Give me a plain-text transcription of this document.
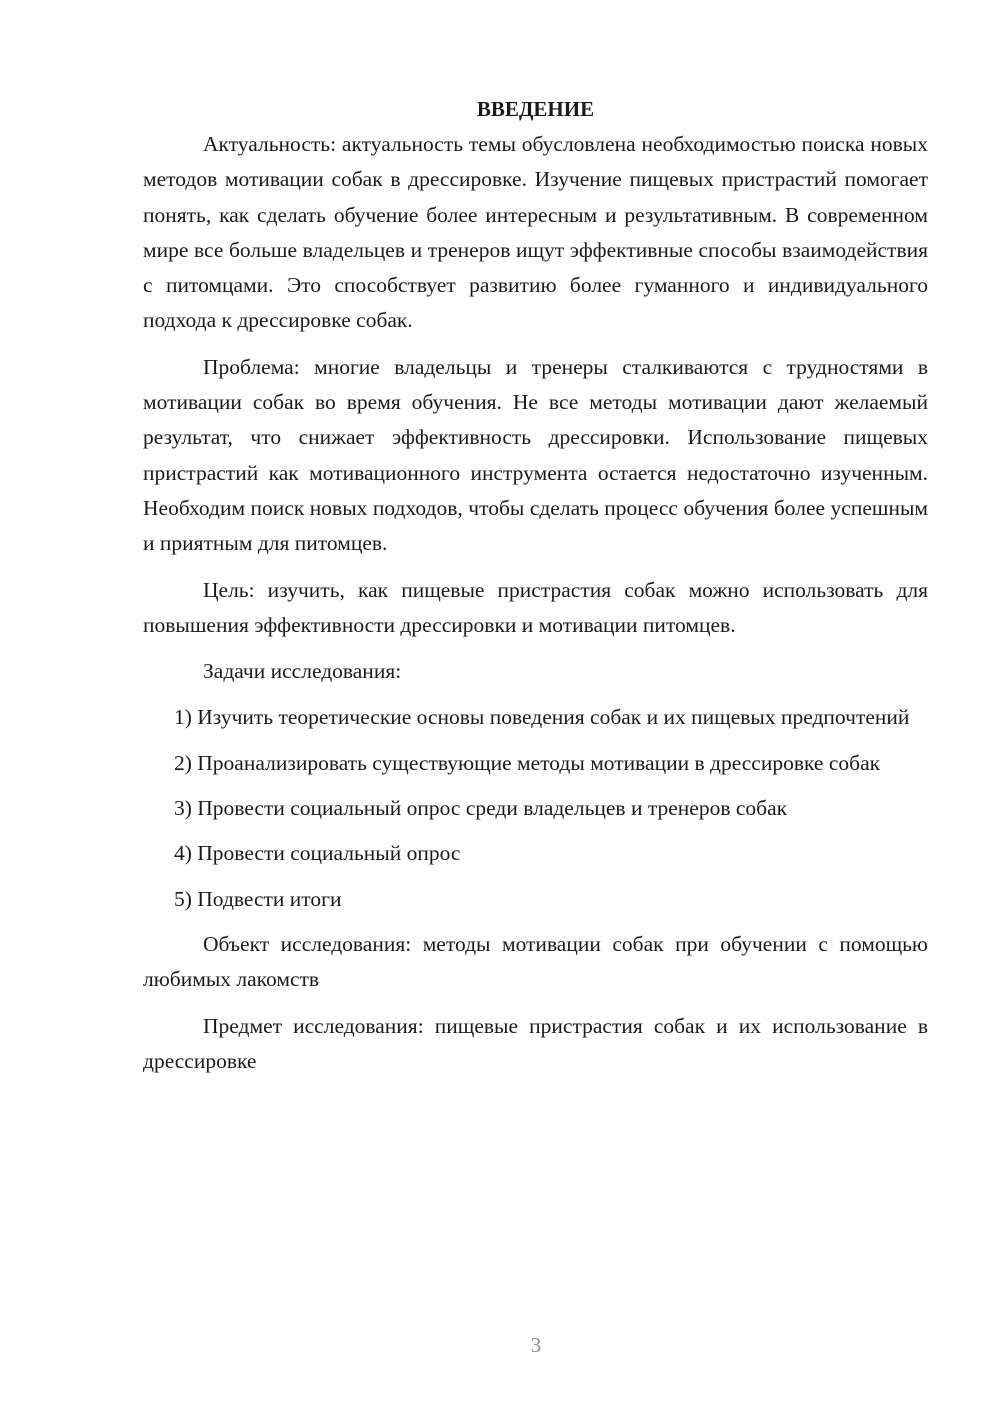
ВВЕДЕНИЕ

Актуальность: актуальность темы обусловлена необходимостью поиска новых методов мотивации собак в дрессировке. Изучение пищевых пристрастий помогает понять, как сделать обучение более интересным и результативным. В современном мире все больше владельцев и тренеров ищут эффективные способы взаимодействия с питомцами. Это способствует развитию более гуманного и индивидуального подхода к дрессировке собак.

Проблема: многие владельцы и тренеры сталкиваются с трудностями в мотивации собак во время обучения. Не все методы мотивации дают желаемый результат, что снижает эффективность дрессировки. Использование пищевых пристрастий как мотивационного инструмента остается недостаточно изученным. Необходим поиск новых подходов, чтобы сделать процесс обучения более успешным и приятным для питомцев.

Цель: изучить, как пищевые пристрастия собак можно использовать для повышения эффективности дрессировки и мотивации питомцев.

Задачи исследования:

1) Изучить теоретические основы поведения собак и их пищевых предпочтений

2) Проанализировать существующие методы мотивации в дрессировке собак

3) Провести социальный опрос среди владельцев и тренеров собак

4) Провести социальный опрос

5) Подвести итоги

Объект исследования: методы мотивации собак при обучении с помощью любимых лакомств

Предмет исследования: пищевые пристрастия собак и их использование в дрессировке

3
